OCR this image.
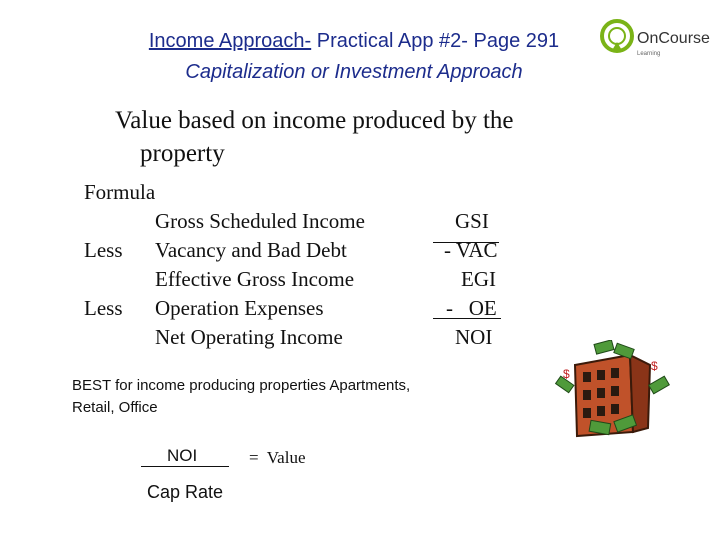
Income Approach- Practical App #2- Page 291
Capitalization or Investment Approach
OnCourse
Learning
Value based on income produced by the
property
Formula
Gross Scheduled Income	GSI
Less Vacancy and Bad Debt	- VAC
Effective Gross Income	EGI
Less Operation Expenses	-   OE
Net Operating Income	NOI
BEST for income producing properties Apartments,
Retail, Office
NOI	=  Value
Cap Rate
$
$
